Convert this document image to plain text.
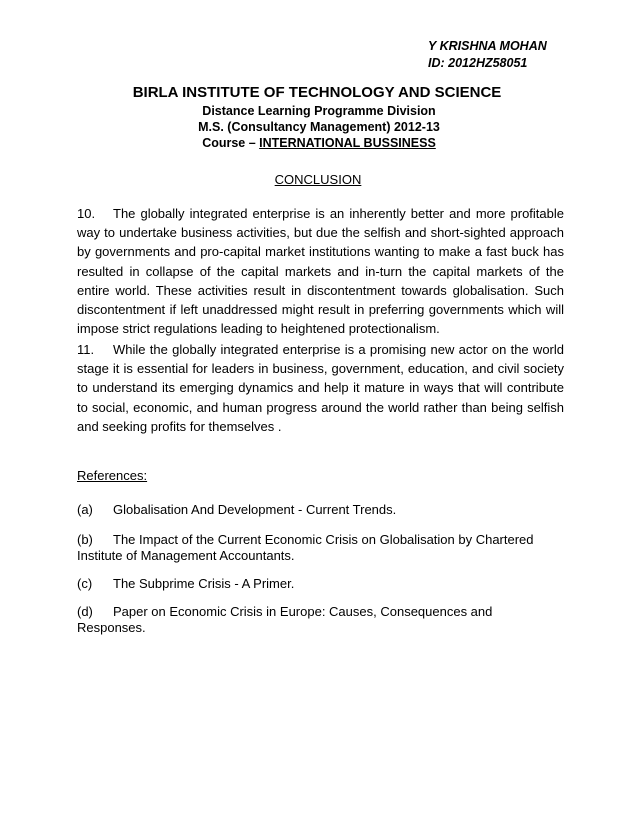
Y KRISHNA MOHAN
ID: 2012HZ58051
BIRLA INSTITUTE OF TECHNOLOGY AND SCIENCE
Distance Learning Programme Division
M.S. (Consultancy Management) 2012-13
Course – INTERNATIONAL BUSSINESS
CONCLUSION
10. The globally integrated enterprise is an inherently better and more profitable way to undertake business activities, but due the selfish and short-sighted approach by governments and pro-capital market institutions wanting to make a fast buck has resulted in collapse of the capital markets and in-turn the capital markets of the entire world. These activities result in discontentment towards globalisation. Such discontentment if left unaddressed might result in preferring governments which will impose strict regulations leading to heightened protectionalism.
11. While the globally integrated enterprise is a promising new actor on the world stage it is essential for leaders in business, government, education, and civil society to understand its emerging dynamics and help it mature in ways that will contribute to social, economic, and human progress around the world rather than being selfish and seeking profits for themselves .
References:
(a) Globalisation And Development - Current Trends.
(b) The Impact of the Current Economic Crisis on Globalisation by Chartered Institute of Management Accountants.
(c) The Subprime Crisis - A Primer.
(d) Paper on Economic Crisis in Europe: Causes, Consequences and Responses.
